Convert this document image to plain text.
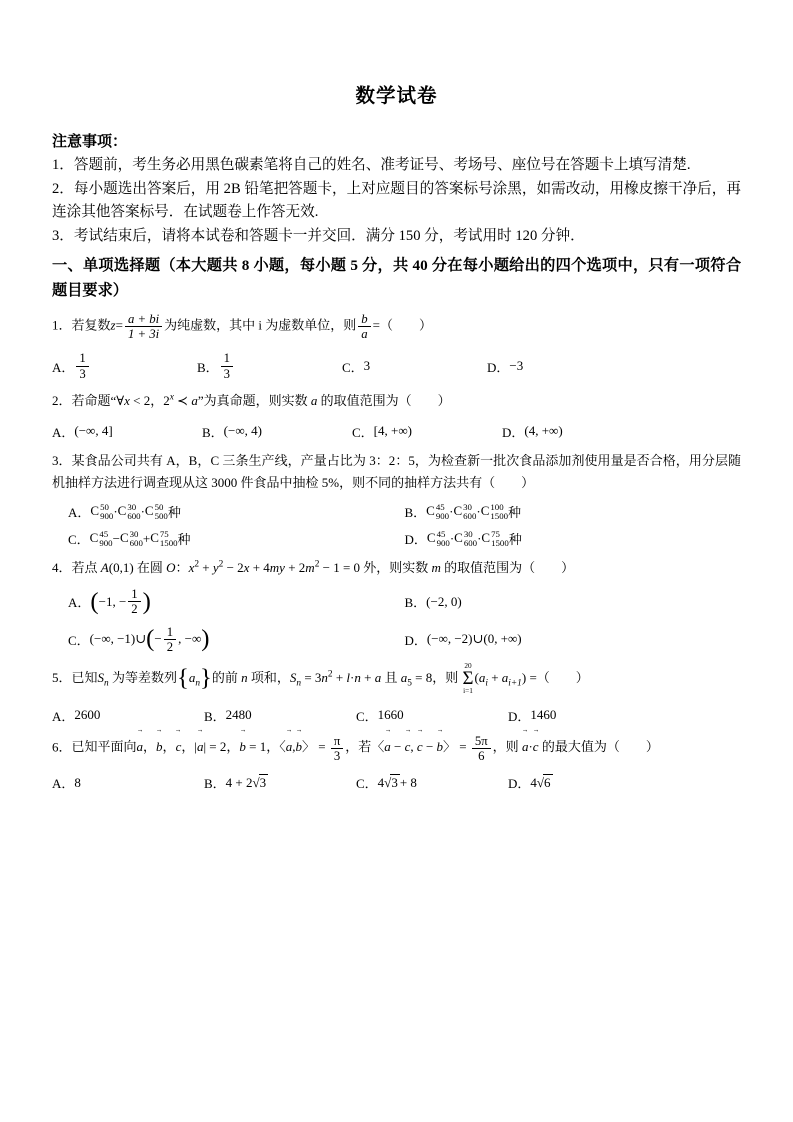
数学试卷
注意事项：

1．答题前，考生务必用黑色碳素笔将自己的姓名、准考证号、考场号、座位号在答题卡上填写清楚.

2．每小题选出答案后，用 2B 铅笔把答题卡，上对应题目的答案标号涂黑，如需改动，用橡皮擦干净后，再连涂其他答案标号．在试题卷上作答无效.

3．考试结束后，请将本试卷和答题卡一并交回．满分 150 分，考试用时 120 分钟．

一、单项选择题（本大题共 8 小题，每小题 5 分，共 40 分在每小题给出的四个选项中，只有一项符合题目要求）
1．若复数$z= \frac{a + bi}{1 + 3i}$ 为纯虚数，其中 i 为虚数单位，则 $\frac{b}{a}$ =（　　）
A． $\frac{1}{3}$	B． $\frac{1}{3}$	C． 3	D． −3
2．若命题“∀x < 2，2$^x$ ≺ a”为真命题，则实数 a 的取值范围为（　　）
A． (−∞, 4]	B． (−∞, 4)	C． [4, +∞)	D． (4, +∞)
3．某食品公司共有 A，B，C 三条生产线，产量占比为 3：2：5，为检查新一批次食品添加剂使用量是否合格，用分层随机抽样方法进行调查现从这 3000 件食品中抽检 5%，则不同的抽样方法共有（　　）
A． C 50
900 · C 30
600 · C 50
500 种	B． C 45
900 · C 30
600 · C 100
1500 种
C． C 45
900 − C 30
600 + C 75
1500 种	D． C 45
900 · C 30
600 · C 75
1500 种
4．若点 A(0,1) 在圆 O：$x^2 + y^2 - 2x + 4my + 2m^2 - 1 = 0$ 外，则实数 m 的取值范围为（　　）
A． ( −1, − $\frac{1}{2}$ )	B． (−2, 0)
C． (−∞, −1)∪ ( − $\frac{1}{2}$ , −∞ )	D． (−∞, −2)∪(0, +∞)
5．已知$S_n$ 为等差数列$\{a_n\}$的前 n 项和，$S_n = 3n^2 + l\cdot n + a$ 且 $a_5 = 8$，则
20
Σ
i=1
$(a_i + a_{i+1})$ =（　　）
A． 2600	B． 2480	C． 1660	D． 1460
6．已知平面向→ a，→ b，→ c，|→ a| = 2，→ b = 1，〈→ a,→ b〉 = $\frac{\pi}{3}$ ，若〈→ a − → c, → c − → b〉 = $\frac{5\pi}{6}$ ，则 → a·→ c 的最大值为（　　）
A． 8	B． 4 + 2 √ 3	C． 4 √ 3 + 8	D． 4 √ 6
